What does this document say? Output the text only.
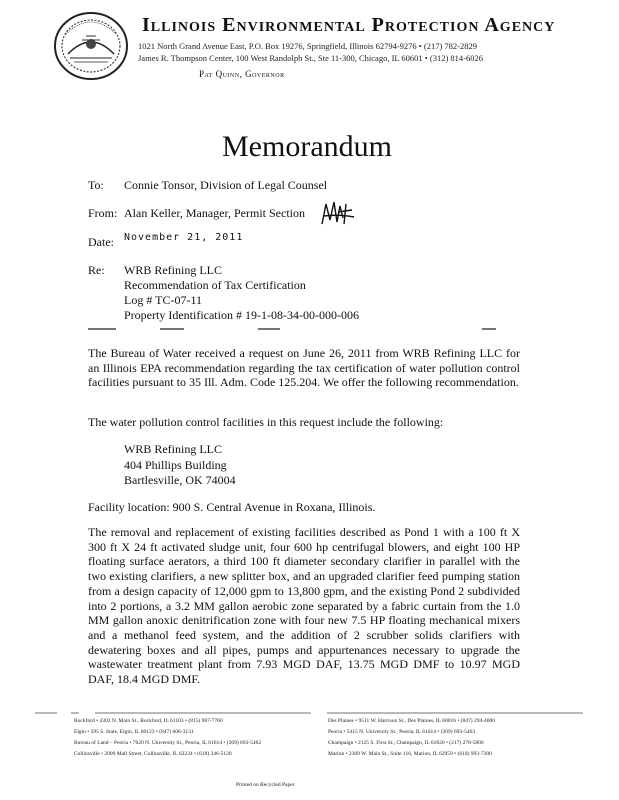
Illinois Environmental Protection Agency
1021 North Grand Avenue East, P.O. Box 19276, Springfield, Illinois 62794-9276 • (217) 782-2829
James R. Thompson Center, 100 West Randolph St., Ste 11-300, Chicago, IL 60601 • (312) 814-6026
Pat Quinn, Governor
Memorandum
To: Connie Tonsor, Division of Legal Counsel
From: Alan Keller, Manager, Permit Section
Date: November 21, 2011
Re: WRB Refining LLC
Recommendation of Tax Certification
Log # TC-07-11
Property Identification # 19-1-08-34-00-000-006
The Bureau of Water received a request on June 26, 2011 from WRB Refining LLC for an Illinois EPA recommendation regarding the tax certification of water pollution control facilities pursuant to 35 Ill. Adm. Code 125.204. We offer the following recommendation.
The water pollution control facilities in this request include the following:
WRB Refining LLC
404 Phillips Building
Bartlesville, OK 74004
Facility location: 900 S. Central Avenue in Roxana, Illinois.
The removal and replacement of existing facilities described as Pond 1 with a 100 ft X 300 ft X 24 ft activated sludge unit, four 600 hp centrifugal blowers, and eight 100 HP floating surface aerators, a third 100 ft diameter secondary clarifier in parallel with the two existing clarifiers, a new splitter box, and an upgraded clarifier feed pumping station from a design capacity of 12,000 gpm to 13,800 gpm, and the existing Pond 2 subdivided into 2 portions, a 3.2 MM gallon aerobic zone separated by a fabric curtain from the 1.0 MM gallon anoxic denitrification zone with four new 7.5 HP floating mechanical mixers and a methanol feed system, and the addition of 2 scrubber solids clarifiers with dewatering boxes and all pipes, pumps and appurtenances necessary to upgrade the wastewater treatment plant from 7.93 MGD DAF, 13.75 MGD DMF to 10.97 MGD DAF, 18.4 MGD DMF.
Rockford • 4302 N. Main St., Rockford, IL 61103 • (815) 987-7760
Elgin • 595 S. State, Elgin, IL 60123 • (847) 608-3131
Bureau of Land – Peoria • 7620 N. University St., Peoria, IL 61614 • (309) 693-5462
Collinsville • 2009 Mall Street, Collinsville, IL 62234 • (618) 346-5120
Des Plaines • 9511 W. Harrison St., Des Plaines, IL 60016 • (847) 294-4000
Peoria • 5415 N. University St., Peoria, IL 61614 • (309) 693-5463
Champaign • 2125 S. First St., Champaign, IL 61820 • (217) 278-5800
Marion • 2309 W. Main St., Suite 116, Marion, IL 62959 • (618) 993-7200
Printed on Recycled Paper
